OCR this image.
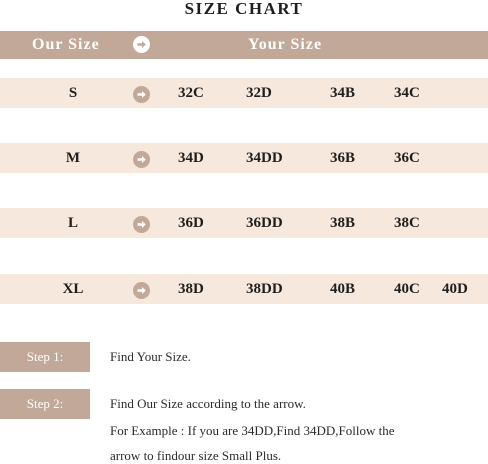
SIZE CHART
Our Size	Your Size
S	32C	32D	34B	34C
M	34D	34DD	36B	36C
L	36D	36DD	38B	38C
XL	38D	38DD	40B	40C 40D
Step 1:	Find Your Size.
Step 2:	Find Our Size according to the arrow.
For Example : If you are 34DD,Find 34DD,Follow the
arrow to findour size Small Plus.
